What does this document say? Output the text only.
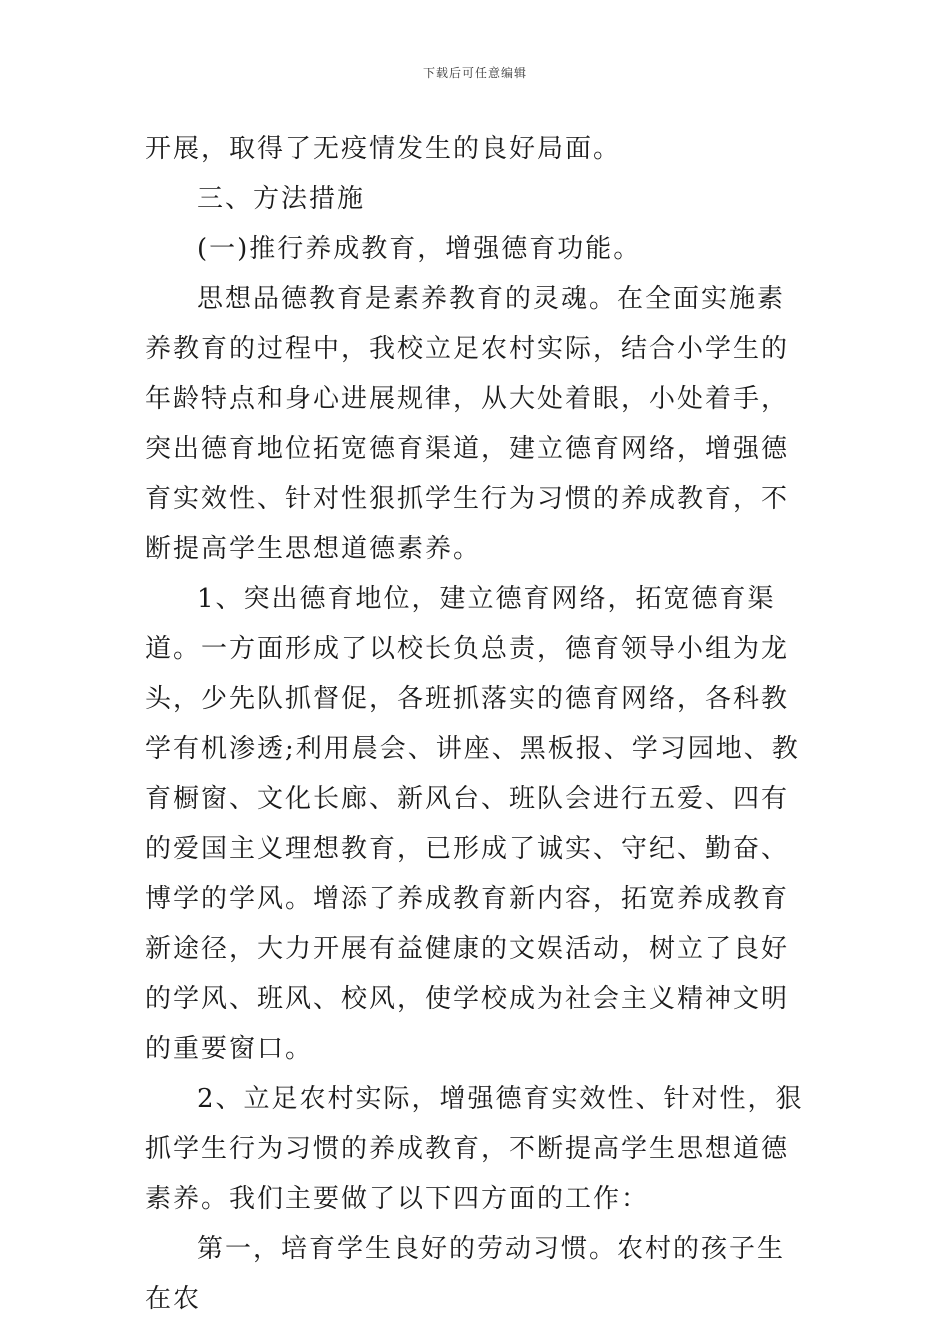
下载后可任意编辑

开展，取得了无疫情发生的良好局面。

三、方法措施

(一)推行养成教育，增强德育功能。

思想品德教育是素养教育的灵魂。在全面实施素养教育的过程中，我校立足农村实际，结合小学生的年龄特点和身心进展规律，从大处着眼，小处着手，突出德育地位拓宽德育渠道，建立德育网络，增强德育实效性、针对性狠抓学生行为习惯的养成教育，不断提高学生思想道德素养。

1、突出德育地位，建立德育网络，拓宽德育渠道。一方面形成了以校长负总责，德育领导小组为龙头，少先队抓督促，各班抓落实的德育网络，各科教学有机渗透;利用晨会、讲座、黑板报、学习园地、教育橱窗、文化长廊、新风台、班队会进行五爱、四有的爱国主义理想教育，已形成了诚实、守纪、勤奋、博学的学风。增添了养成教育新内容，拓宽养成教育新途径，大力开展有益健康的文娱活动，树立了良好的学风、班风、校风，使学校成为社会主义精神文明的重要窗口。

2、立足农村实际，增强德育实效性、针对性，狠抓学生行为习惯的养成教育，不断提高学生思想道德素养。我们主要做了以下四方面的工作：

第一，培育学生良好的劳动习惯。农村的孩子生在农
